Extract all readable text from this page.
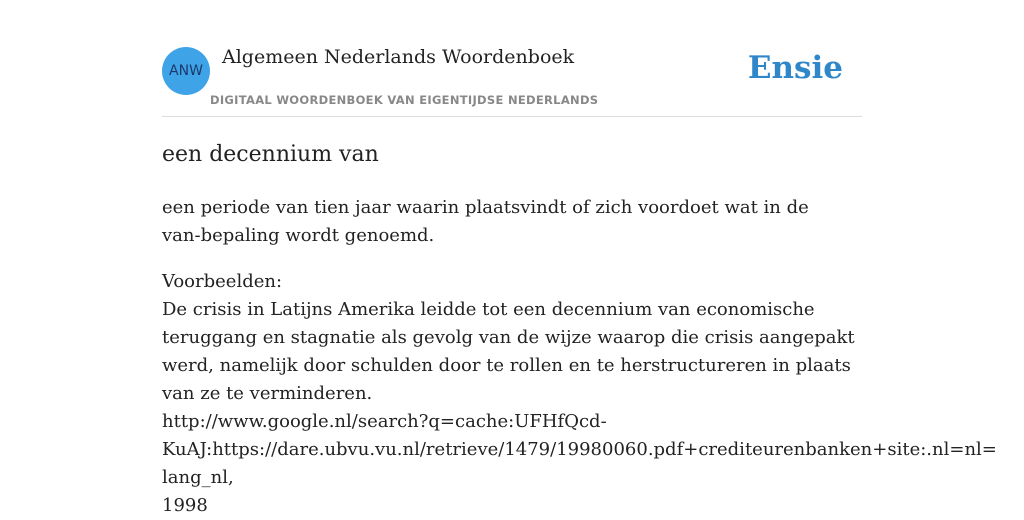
ANW
Algemeen Nederlands Woordenboek
DIGITAAL WOORDENBOEK VAN EIGENTIJDSE NEDERLANDS
Ensie
een decennium van

een periode van tien jaar waarin plaatsvindt of zich voordoet wat in de van-bepaling wordt genoemd.

Voorbeelden:

De crisis in Latijns Amerika leidde tot een decennium van economische teruggang en stagnatie als gevolg van de wijze waarop die crisis aangepakt werd, namelijk door schulden door te rollen en te herstructureren in plaats van ze te verminderen.

http://www.google.nl/search?q=cache:UFHfQcd-
KuAJ:https://dare.ubvu.vu.nl/retrieve/1479/19980060.pdf+crediteurenbanken+site:.nl=nl=lang_nl,
1998
